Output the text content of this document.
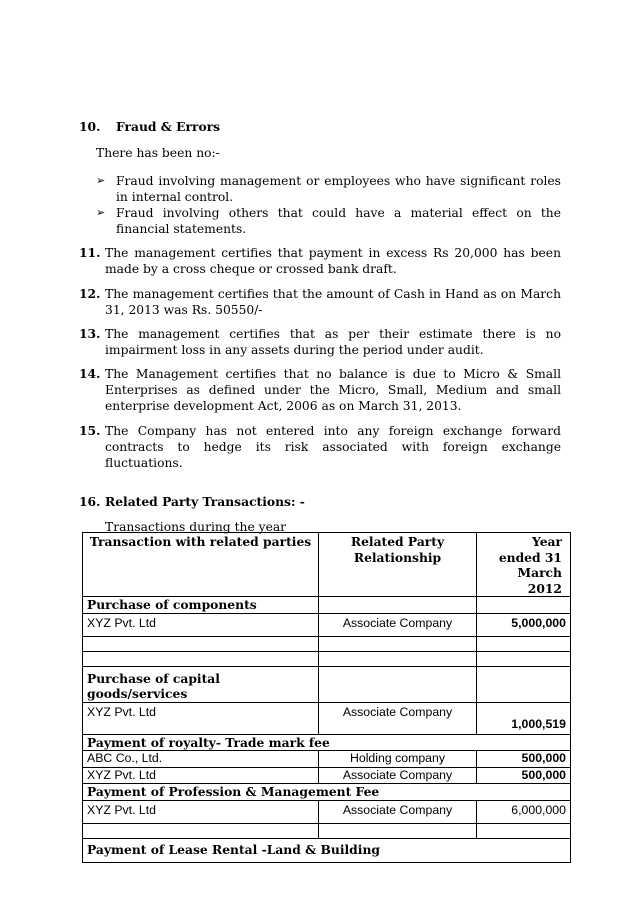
10. Fraud & Errors
There has been no:-
➢ Fraud involving management or employees who have significant roles in internal control.
➢ Fraud involving others that could have a material effect on the financial statements.
11. The management certifies that payment in excess Rs 20,000 has been made by a cross cheque or crossed bank draft.
12. The management certifies that the amount of Cash in Hand as on March 31, 2013 was Rs. 50550/-
13. The management certifies that as per their estimate there is no impairment loss in any assets during the period under audit.
14. The Management certifies that no balance is due to Micro & Small Enterprises as defined under the Micro, Small, Medium and small enterprise development Act, 2006 as on March 31, 2013.
15. The Company has not entered into any foreign exchange forward contracts to hedge its risk associated with foreign exchange fluctuations.
16. Related Party Transactions: -
Transactions during the year
Transaction with related parties	Related Party Relationship	Year ended 31 March 2012
Purchase of components		
XYZ Pvt. Ltd	Associate Company	5,000,000

Purchase of capital goods/services		
XYZ Pvt. Ltd	Associate Company	1,000,519
Payment of royalty- Trade mark fee		
ABC Co., Ltd.	Holding company	500,000
XYZ Pvt. Ltd	Associate Company	500,000
Payment of Profession & Management Fee		
XYZ Pvt. Ltd	Associate Company	6,000,000

Payment of Lease Rental -Land & Building		
